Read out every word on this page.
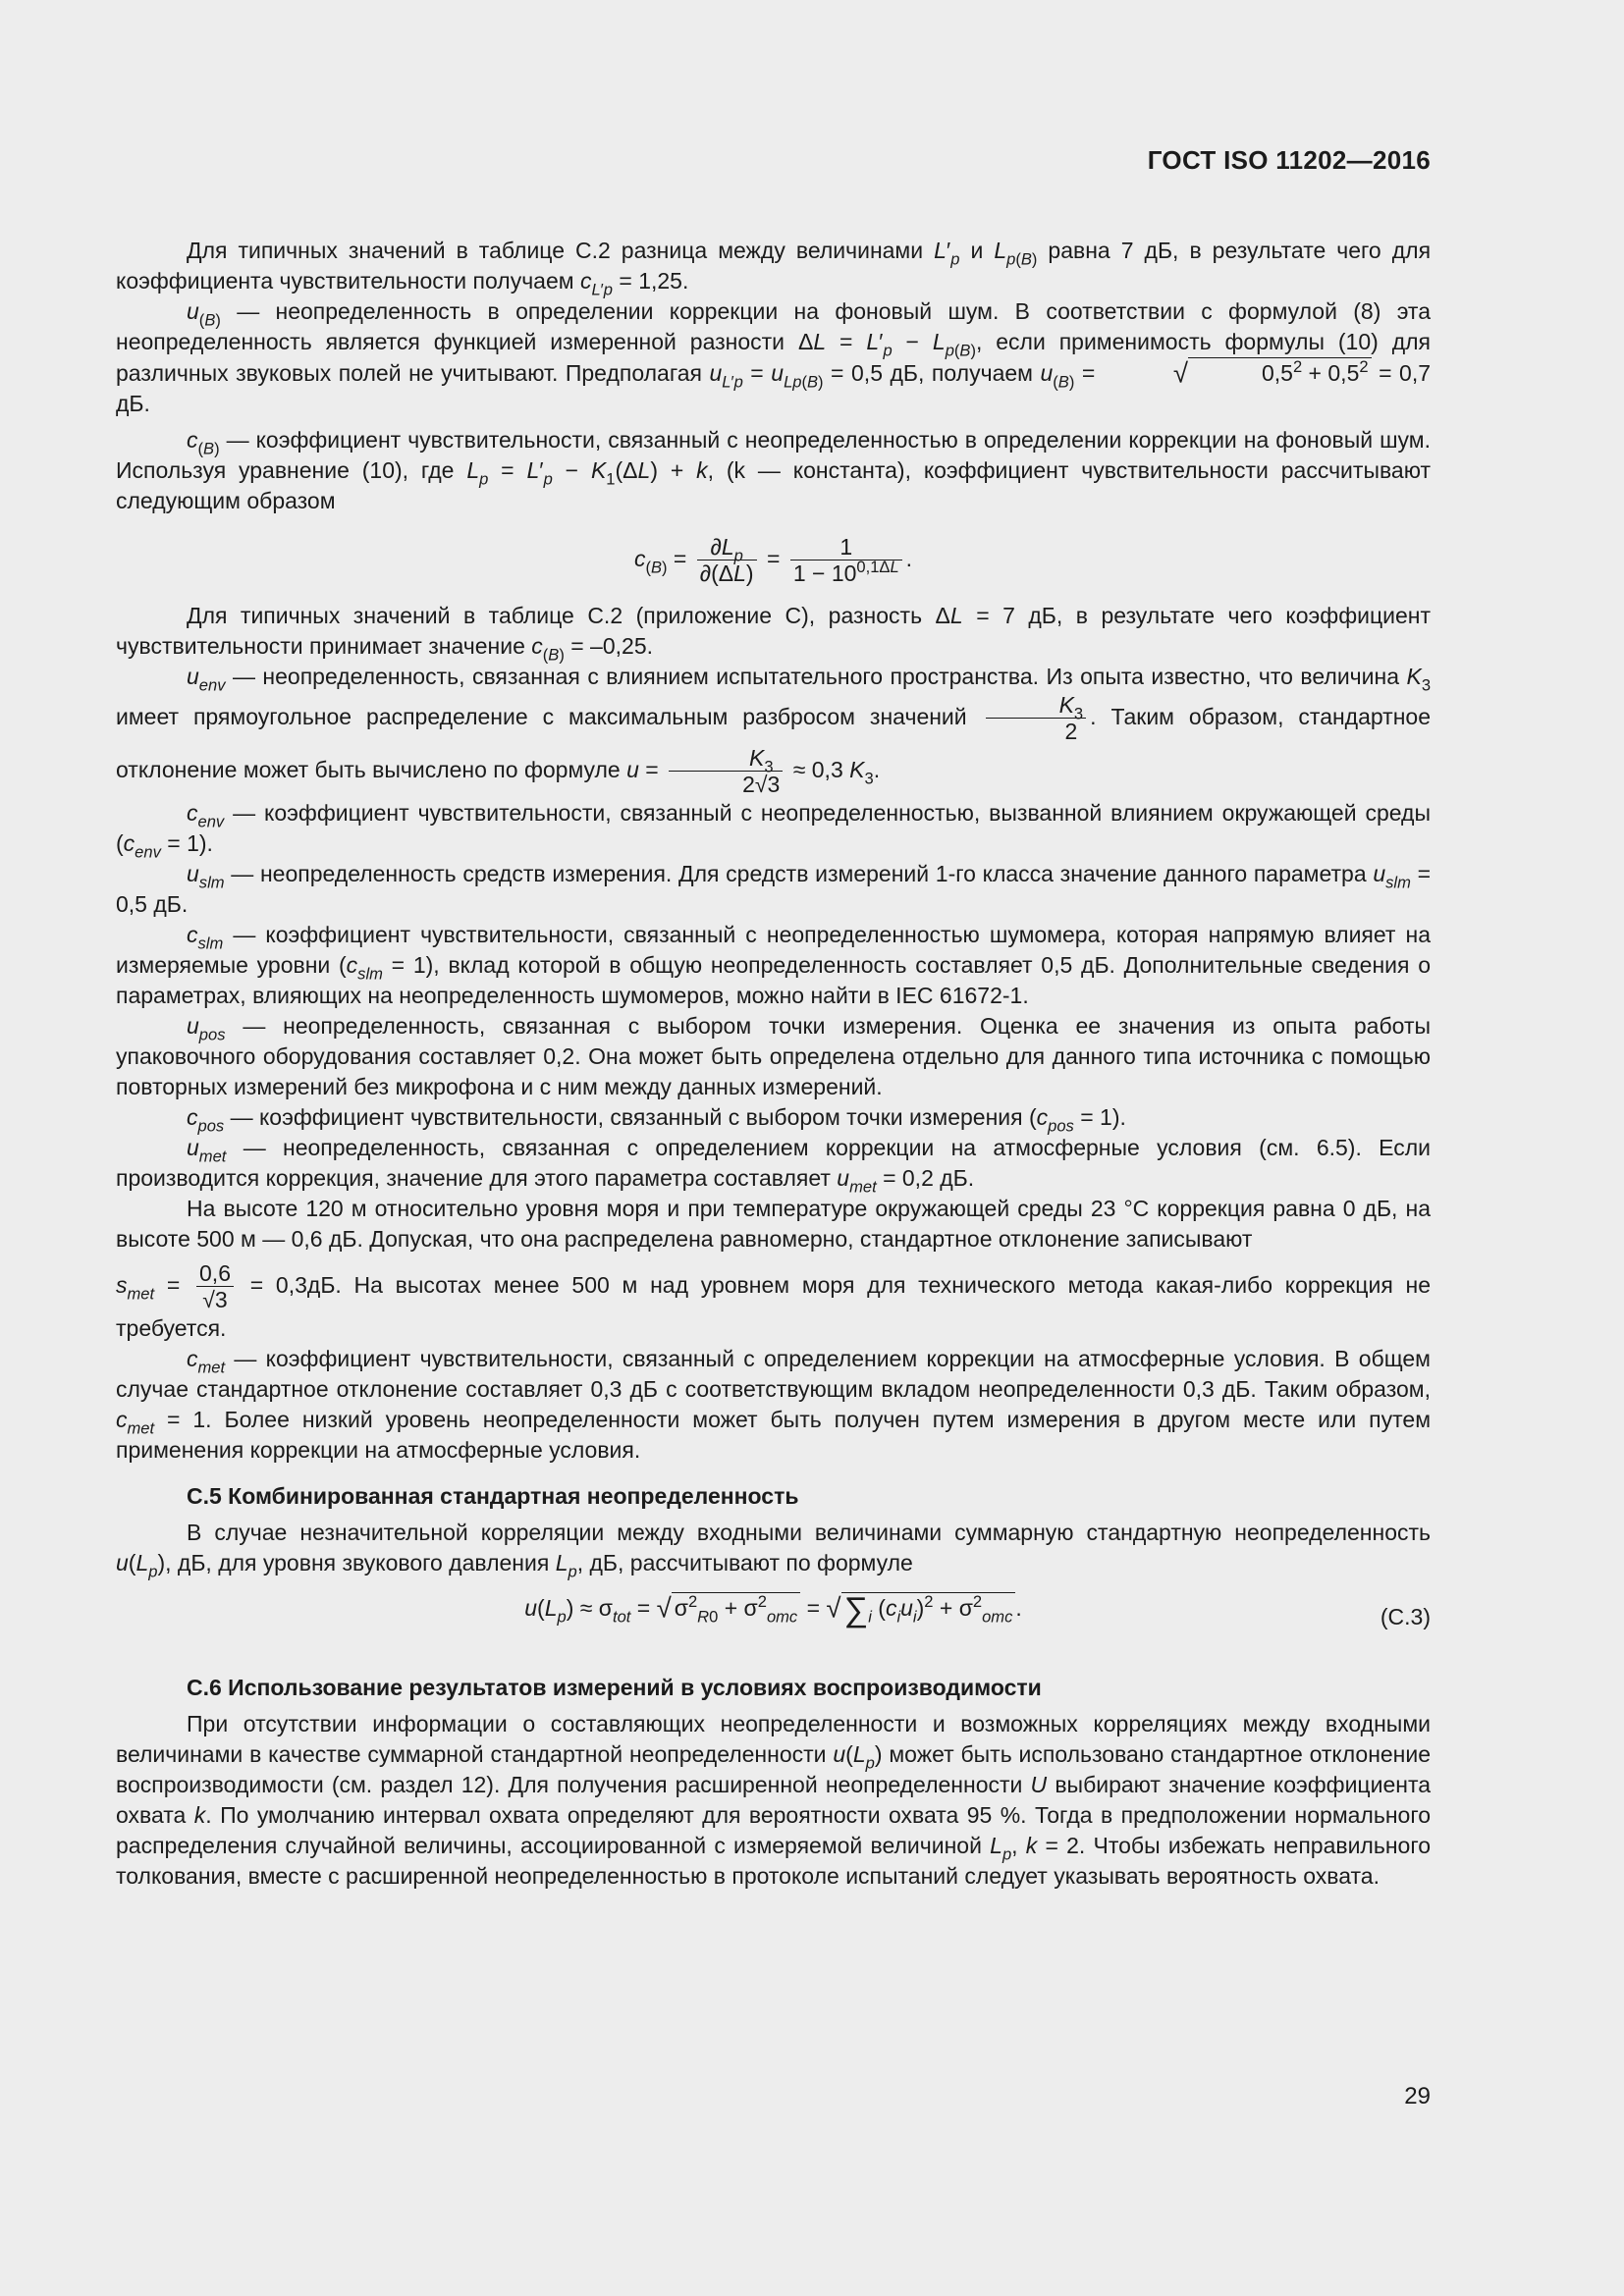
ГОСТ ISO 11202—2016

Для типичных значений в таблице С.2 разница между величинами $L'_p$ и $L_{p(B)}$ равна 7 дБ, в результате чего для коэффициента чувствительности получаем $c_{L'p} = 1,25$.

$u_{(B)}$ — неопределенность в определении коррекции на фоновый шум. В соответствии с формулой (8) эта неопределенность является функцией измеренной разности $\Delta L = L'_p - L_{p(B)}$, если применимость формулы (10) для различных звуковых полей не учитывают. Предполагая $u_{L'p} = u_{Lp(B)} = 0,5$ дБ, получаем $u_{(B)}$ =	√	$0,5^2 + 0,5^2 = 0,7$ дБ.

$c_{(B)}$ — коэффициент чувствительности, связанный с неопределенностью в определении коррекции на фоновый шум. Используя уравнение (10), где $L_p = L'_p - K_1(\Delta L) + k$, (k — константа), коэффициент чувствительности рассчитывают следующим образом

$c_{(B)} = \frac{\partial L_p}{\partial(\Delta L)} = \frac{1}{1 - 10^{0,1\Delta L}}$ .

Для типичных значений в таблице С.2 (приложение С), разность ΔL = 7 дБ, в результате чего коэффициент чувствительности принимает значение $c_{(B)} = -0,25$.

$u_{env}$ — неопределенность, связанная с влиянием испытательного пространства. Из опыта известно, что величина $K_3$ имеет прямоугольное распределение с максимальным разбросом значений $\frac{K_3}{2}$ . Таким образом, стандартное отклонение может быть вычислено по формуле $u = \frac{K_3}{2√3} \approx 0,3$ $K_3$.

$c_{env}$ — коэффициент чувствительности, связанный с неопределенностью, вызванной влиянием окружающей среды $(c_{env} = 1)$.

$u_{slm}$ — неопределенность средств измерения. Для средств измерений 1-го класса значение данного параметра $u_{slm} = 0,5$ дБ.

$c_{slm}$ — коэффициент чувствительности, связанный с неопределенностью шумомера, которая напрямую влияет на измеряемые уровни $(c_{slm} = 1)$, вклад которой в общую неопределенность составляет 0,5 дБ. Дополнительные сведения о параметрах, влияющих на неопределенность шумомеров, можно найти в IEC 61672-1.

$u_{pos}$ — неопределенность, связанная с выбором точки измерения. Оценка ее значения из опыта работы упаковочного оборудования составляет 0,2. Она может быть определена отдельно для данного типа источника с помощью повторных измерений без микрофона и с ним между данных измерений.

$c_{pos}$ — коэффициент чувствительности, связанный с выбором точки измерения $(c_{pos} = 1)$.

$u_{met}$ — неопределенность, связанная с определением коррекции на атмосферные условия (см. 6.5). Если производится коррекция, значение для этого параметра составляет $u_{met} = 0,2$ дБ.

На высоте 120 м относительно уровня моря и при температуре окружающей среды 23 °С коррекция равна 0 дБ, на высоте 500 м — 0,6 дБ. Допуская, что она распределена равномерно, стандартное отклонение записывают

$s_{met} = \frac{0,6}{√3} = 0,3дБ$. На высотах менее 500 м над уровнем моря для технического метода какая-либо коррекция не требуется.

$c_{met}$ — коэффициент чувствительности, связанный с определением коррекции на атмосферные условия. В общем случае стандартное отклонение составляет 0,3 дБ с соответствующим вкладом неопределенности 0,3 дБ. Таким образом, $c_{met} = 1$. Более низкий уровень неопределенности может быть получен путем измерения в другом месте или путем применения коррекции на атмосферные условия.

С.5 Комбинированная стандартная неопределенность

В случае незначительной корреляции между входными величинами суммарную стандартную неопределенность $u(L_p)$, дБ, для уровня звукового давления $L_p$, дБ, рассчитывают по формуле

$u(L_p) \approx \sigma_{tot}$ = √ $\sigma^2_{R0} + \sigma^2_{omc} = √\sum_i$ $(c_iu_i)^2 + \sigma^2_{omc}$ .	(С.3)
С.6 Использование результатов измерений в условиях воспроизводимости

При отсутствии информации о составляющих неопределенности и возможных корреляциях между входными величинами в качестве суммарной стандартной неопределенности $u(L_p)$ может быть использовано стандартное отклонение воспроизводимости (см. раздел 12). Для получения расширенной неопределенности U выбирают значение коэффициента охвата k. По умолчанию интервал охвата определяют для вероятности охвата 95 %. Тогда в предположении нормального распределения случайной величины, ассоциированной с измеряемой величиной $L_p$, k = 2. Чтобы избежать неправильного толкования, вместе с расширенной неопределенностью в протоколе испытаний следует указывать вероятность охвата.

29
